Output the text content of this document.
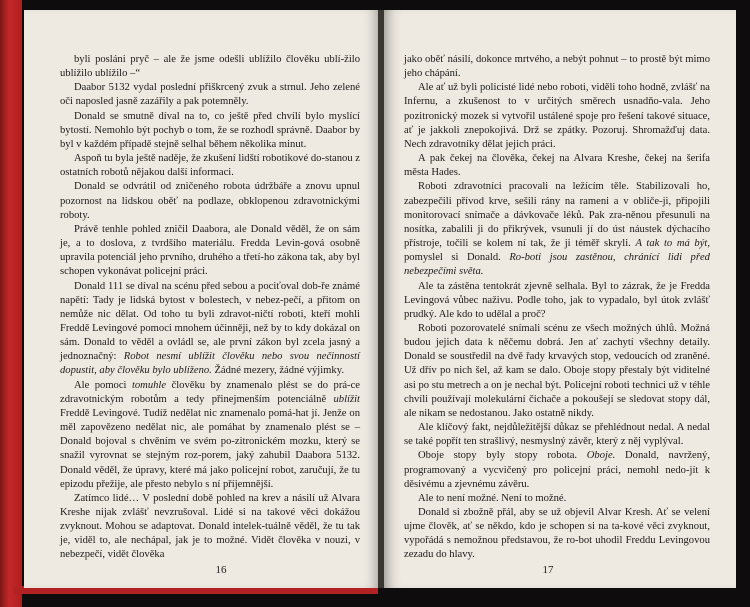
byli posláni pryč – ale že jsme odešli ublížilo člověku ublí-žilo ublížilo ublížilo –“

Daabor 5132 vydal poslední přiškrcený zvuk a strnul. Jeho zelené oči naposled jasně zazářily a pak potemněly.

Donald se smutně díval na to, co ještě před chvílí bylo myslící bytostí. Nemohlo být pochyb o tom, že se rozhodl správně. Daabor by byl v každém případě stejně selhal během několika minut.

Aspoň tu byla ještě naděje, že zkušení lidští robotikové do-stanou z ostatních robotů nějakou další informaci.

Donald se odvrátil od zničeného robota údržbáře a znovu upnul pozornost na lidskou oběť na podlaze, obklopenou zdravotnickými roboty.

Právě tenhle pohled zničil Daabora, ale Donald věděl, že on sám je, a to doslova, z tvrdšího materiálu. Fredda Levin-gová osobně upravila potenciál jeho prvního, druhého a třetí-ho zákona tak, aby byl schopen vykonávat policejní práci.

Donald 111 se díval na scénu před sebou a pociťoval dob-ře známé napětí: Tady je lidská bytost v bolestech, v nebez-pečí, a přitom on nemůže nic dělat. Od toho tu byli zdravot-ničtí roboti, kteří mohli Freddě Levingové pomoci mnohem účinněji, než by to kdy dokázal on sám. Donald to věděl a ovládl se, ale první zákon byl zcela jasný a jednoznačný: Robot nesmí ublížit člověku nebo svou nečinností dopustit, aby člověku bylo ublíženo. Žádné mezery, žádné výjimky.

Ale pomoci tomuhle člověku by znamenalo plést se do prá-ce zdravotnickým robotům a tedy přinejmenším potenciálně ublížit Freddě Levingové. Tudíž nedělat nic znamenalo pomá-hat jí. Jenže on měl zapovězeno nedělat nic, ale pomáhat by znamenalo plést se – Donald bojoval s chvěním ve svém po-zitronickém mozku, který se snažil vyrovnat se stejným roz-porem, jaký zahubil Daabora 5132. Donald věděl, že úpravy, které má jako policejní robot, zaručují, že tu epizodu přežije, ale přesto nebylo s ní příjemnější.

Zatímco lidé… V poslední době pohled na krev a násilí už Alvara Kreshe nijak zvlášť nevzrušoval. Lidé si na takové věci dokážou zvyknout. Mohou se adaptovat. Donald intelek-tuálně věděl, že tu tak je, viděl to, ale nechápal, jak je to možné. Vidět člověka v nouzi, v nebezpečí, vidět člověka

16

jako oběť násilí, dokonce mrtvého, a nebýt pohnut – to prostě být mimo jeho chápání.

Ale ať už byli policisté lidé nebo roboti, viděli toho hodně, zvlášť na Infernu, a zkušenost to v určitých směrech usnadňo-vala. Jeho pozitronický mozek si vytvořil ustálené spoje pro řešení takové situace, ať je jakkoli znepokojivá. Drž se zpátky. Pozoruj. Shromažďuj data. Nech zdravotníky dělat jejich práci.

A pak čekej na člověka, čekej na Alvara Kreshe, čekej na šerifa města Hades.

Roboti zdravotníci pracovali na ležícím těle. Stabilizovali ho, zabezpečili přívod krve, sešili rány na rameni a v obliče-ji, připojili monitorovací snímače a dávkovače léků. Pak zra-něnou přesunuli na nosítka, zabalili ji do přikrývek, vsunuli jí do úst náustek dýchacího přístroje, točili se kolem ní tak, že ji téměř skryli. A tak to má být, pomyslel si Donald. Ro-boti jsou zastěnou, chránící lidi před nebezpečími světa.

Ale ta zástěna tentokrát zjevně selhala. Byl to zázrak, že je Fredda Levingová vůbec naživu. Podle toho, jak to vypadalo, byl útok zvlášť prudký. Ale kdo to udělal a proč?

Roboti pozorovatelé snímali scénu ze všech možných úhlů. Možná budou jejich data k něčemu dobrá. Jen ať zachytí všechny detaily. Donald se soustředil na dvě řady krvavých stop, vedoucích od zraněné. Už dřív po nich šel, až kam se dalo. Oboje stopy přestaly být viditelné asi po stu metrech a on je nechal být. Policejní roboti technici už v téhle chvíli používají molekulární čichače a pokoušejí se sledovat stopy dál, ale nikam se nedostanou. Jako ostatně nikdy.

Ale klíčový fakt, nejdůležitější důkaz se přehlédnout nedal. A nedal se také popřít ten strašlivý, nesmyslný závěr, který z něj vyplýval.

Oboje stopy byly stopy robota. Oboje. Donald, navržený, programovaný a vycvičený pro policejní práci, nemohl nedo-jít k děsivému a zjevnému závěru.

Ale to není možné. Není to možné.

Donald si zbožně přál, aby se už objevil Alvar Kresh. Ať se velení ujme člověk, ať se někdo, kdo je schopen si na ta-kové věci zvyknout, vypořádá s nemožnou představou, že ro-bot uhodil Freddu Levingovou zezadu do hlavy.

17
